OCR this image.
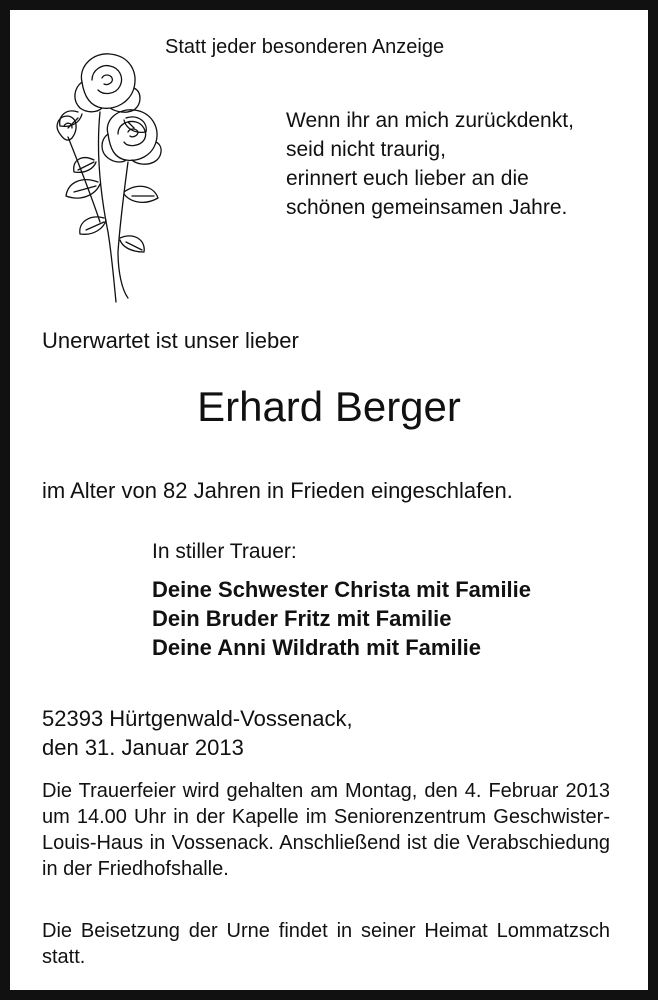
Statt jeder besonderen Anzeige

Wenn ihr an mich zurückdenkt,
seid nicht traurig,
erinnert euch lieber an die
schönen gemeinsamen Jahre.

Unerwartet ist unser lieber

Erhard Berger

im Alter von 82 Jahren in Frieden eingeschlafen.

In stiller Trauer:

Deine Schwester Christa mit Familie
Dein Bruder Fritz mit Familie
Deine Anni Wildrath mit Familie
52393 Hürtgenwald-Vossenack,
den 31. Januar 2013

Die Trauerfeier wird gehalten am Montag, den 4. Februar 2013 um 14.00 Uhr in der Kapelle im Seniorenzentrum Geschwister-Louis-Haus in Vossenack. Anschließend ist die Verabschiedung in der Friedhofshalle.

Die Beisetzung der Urne findet in seiner Heimat Lommatzsch statt.
